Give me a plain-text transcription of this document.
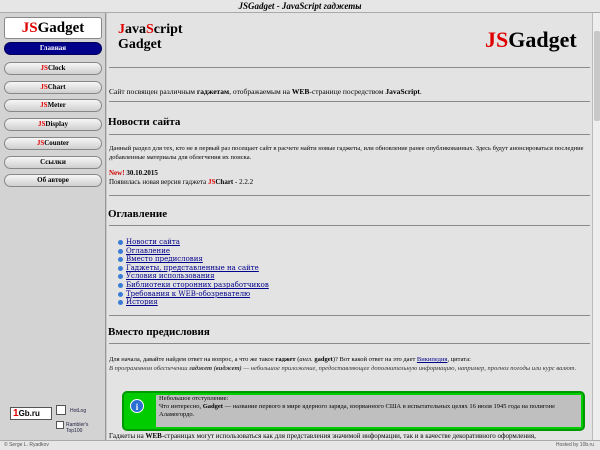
JSGadget - JavaScript гаджеты
JSGadget
Главная
JSClock
JSChart
JSMeter
JSDisplay
JSCounter
Ссылки
Об авторе
1Gb.ru	HotLog
Rambler's Top100
JavaScript
Gadget	JSGadget
Сайт посвящен различным гаджетам, отображаемым на WEB-странице посредством JavaScript.
Новости сайта
Данный раздел для тех, кто не в первый раз посещает сайт в расчете найти новые гаджеты, или обновление ранее опубликованных. Здесь будут анонсироваться последние добавленные материалы для облегчения их поиска.
New! 30.10.2015
Появилась новая версия гаджета JSChart - 2.2.2
Оглавление
Новости сайта
Оглавление
Вместо предисловия
Гаджеты, представленные на сайте
Условия использования
Библиотеки сторонних разработчиков
Требования к WEB-обозревателю
История
Вместо предисловия
Для начала, давайте найдем ответ на вопрос, а что же такое гаджет (англ. gadget)? Вот какой ответ на это дает Википедия, цитата:
В программном обеспечении гаджет (виджет) — небольшое приложение, предоставляющее дополнительную информацию, например, прогноз погоды или курс валют.
i
Небольшое отступление:
Что интересно, Gadget — название первого в мире ядерного заряда, взорванного США в испытательных целях 16 июля 1945 года на полигоне Аламогордо.
Гаджеты на WEB-страницах могут использоваться как для представления значимой информации, так и в качестве декоративного оформления,
© Serge L. Ryadkov	Hosted by 10b.ru
